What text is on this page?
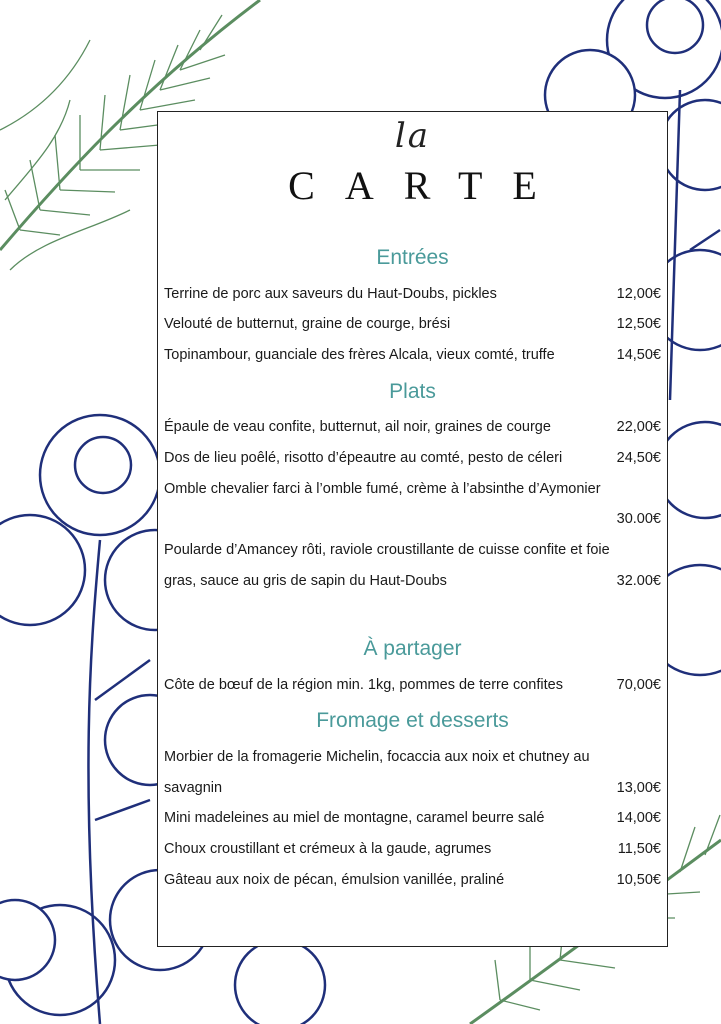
la
CARTE
Entrées
Terrine de porc aux saveurs du Haut-Doubs, pickles	12,00€
Velouté de butternut, graine de courge, brési	12,50€
Topinambour, guanciale des frères Alcala, vieux comté, truffe	14,50€
Plats
Épaule de veau confite, butternut, ail noir, graines de courge	22,00€
Dos de lieu poêlé, risotto d’épeautre au comté, pesto de céleri	24,50€
Omble chevalier farci à l’omble fumé, crème à l’absinthe d’Aymonier
30.00€
Poularde d’Amancey rôti, raviole croustillante de cuisse confite et foie
gras, sauce au gris de sapin du Haut-Doubs	32.00€
À partager
Côte de bœuf de la région min. 1kg, pommes de terre confites	70,00€
Fromage et desserts
Morbier de la fromagerie Michelin, focaccia aux noix et chutney au
savagnin	13,00€
Mini madeleines au miel de montagne, caramel beurre salé	14,00€
Choux croustillant et crémeux à la gaude, agrumes	11,50€
Gâteau aux noix de pécan, émulsion vanillée, praliné	10,50€
